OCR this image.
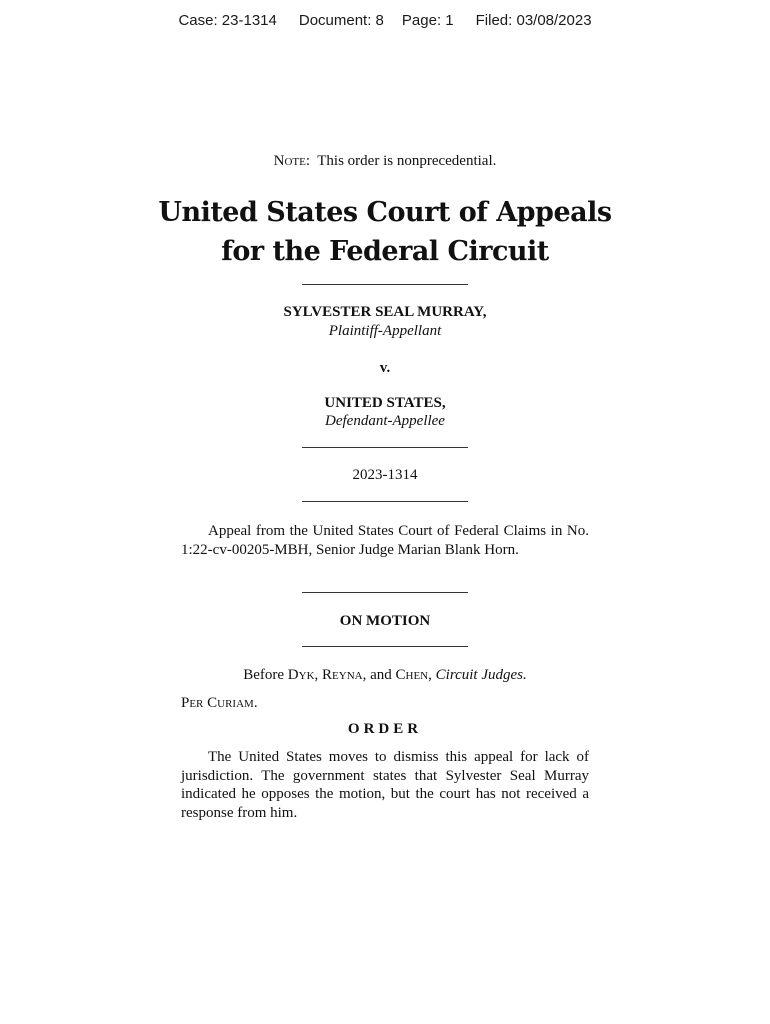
Case: 23-1314 Document: 8 Page: 1 Filed: 03/08/2023
Note: This order is nonprecedential.
United States Court of Appeals
for the Federal Circuit
SYLVESTER SEAL MURRAY,
Plaintiff-Appellant
v.
UNITED STATES,
Defendant-Appellee
2023-1314
Appeal from the United States Court of Federal Claims in No. 1:22-cv-00205-MBH, Senior Judge Marian Blank Horn.
ON MOTION
Before Dyk, Reyna, and Chen, Circuit Judges.
Per Curiam.
ORDER
The United States moves to dismiss this appeal for lack of jurisdiction. The government states that Sylvester Seal Murray indicated he opposes the motion, but the court has not received a response from him.
